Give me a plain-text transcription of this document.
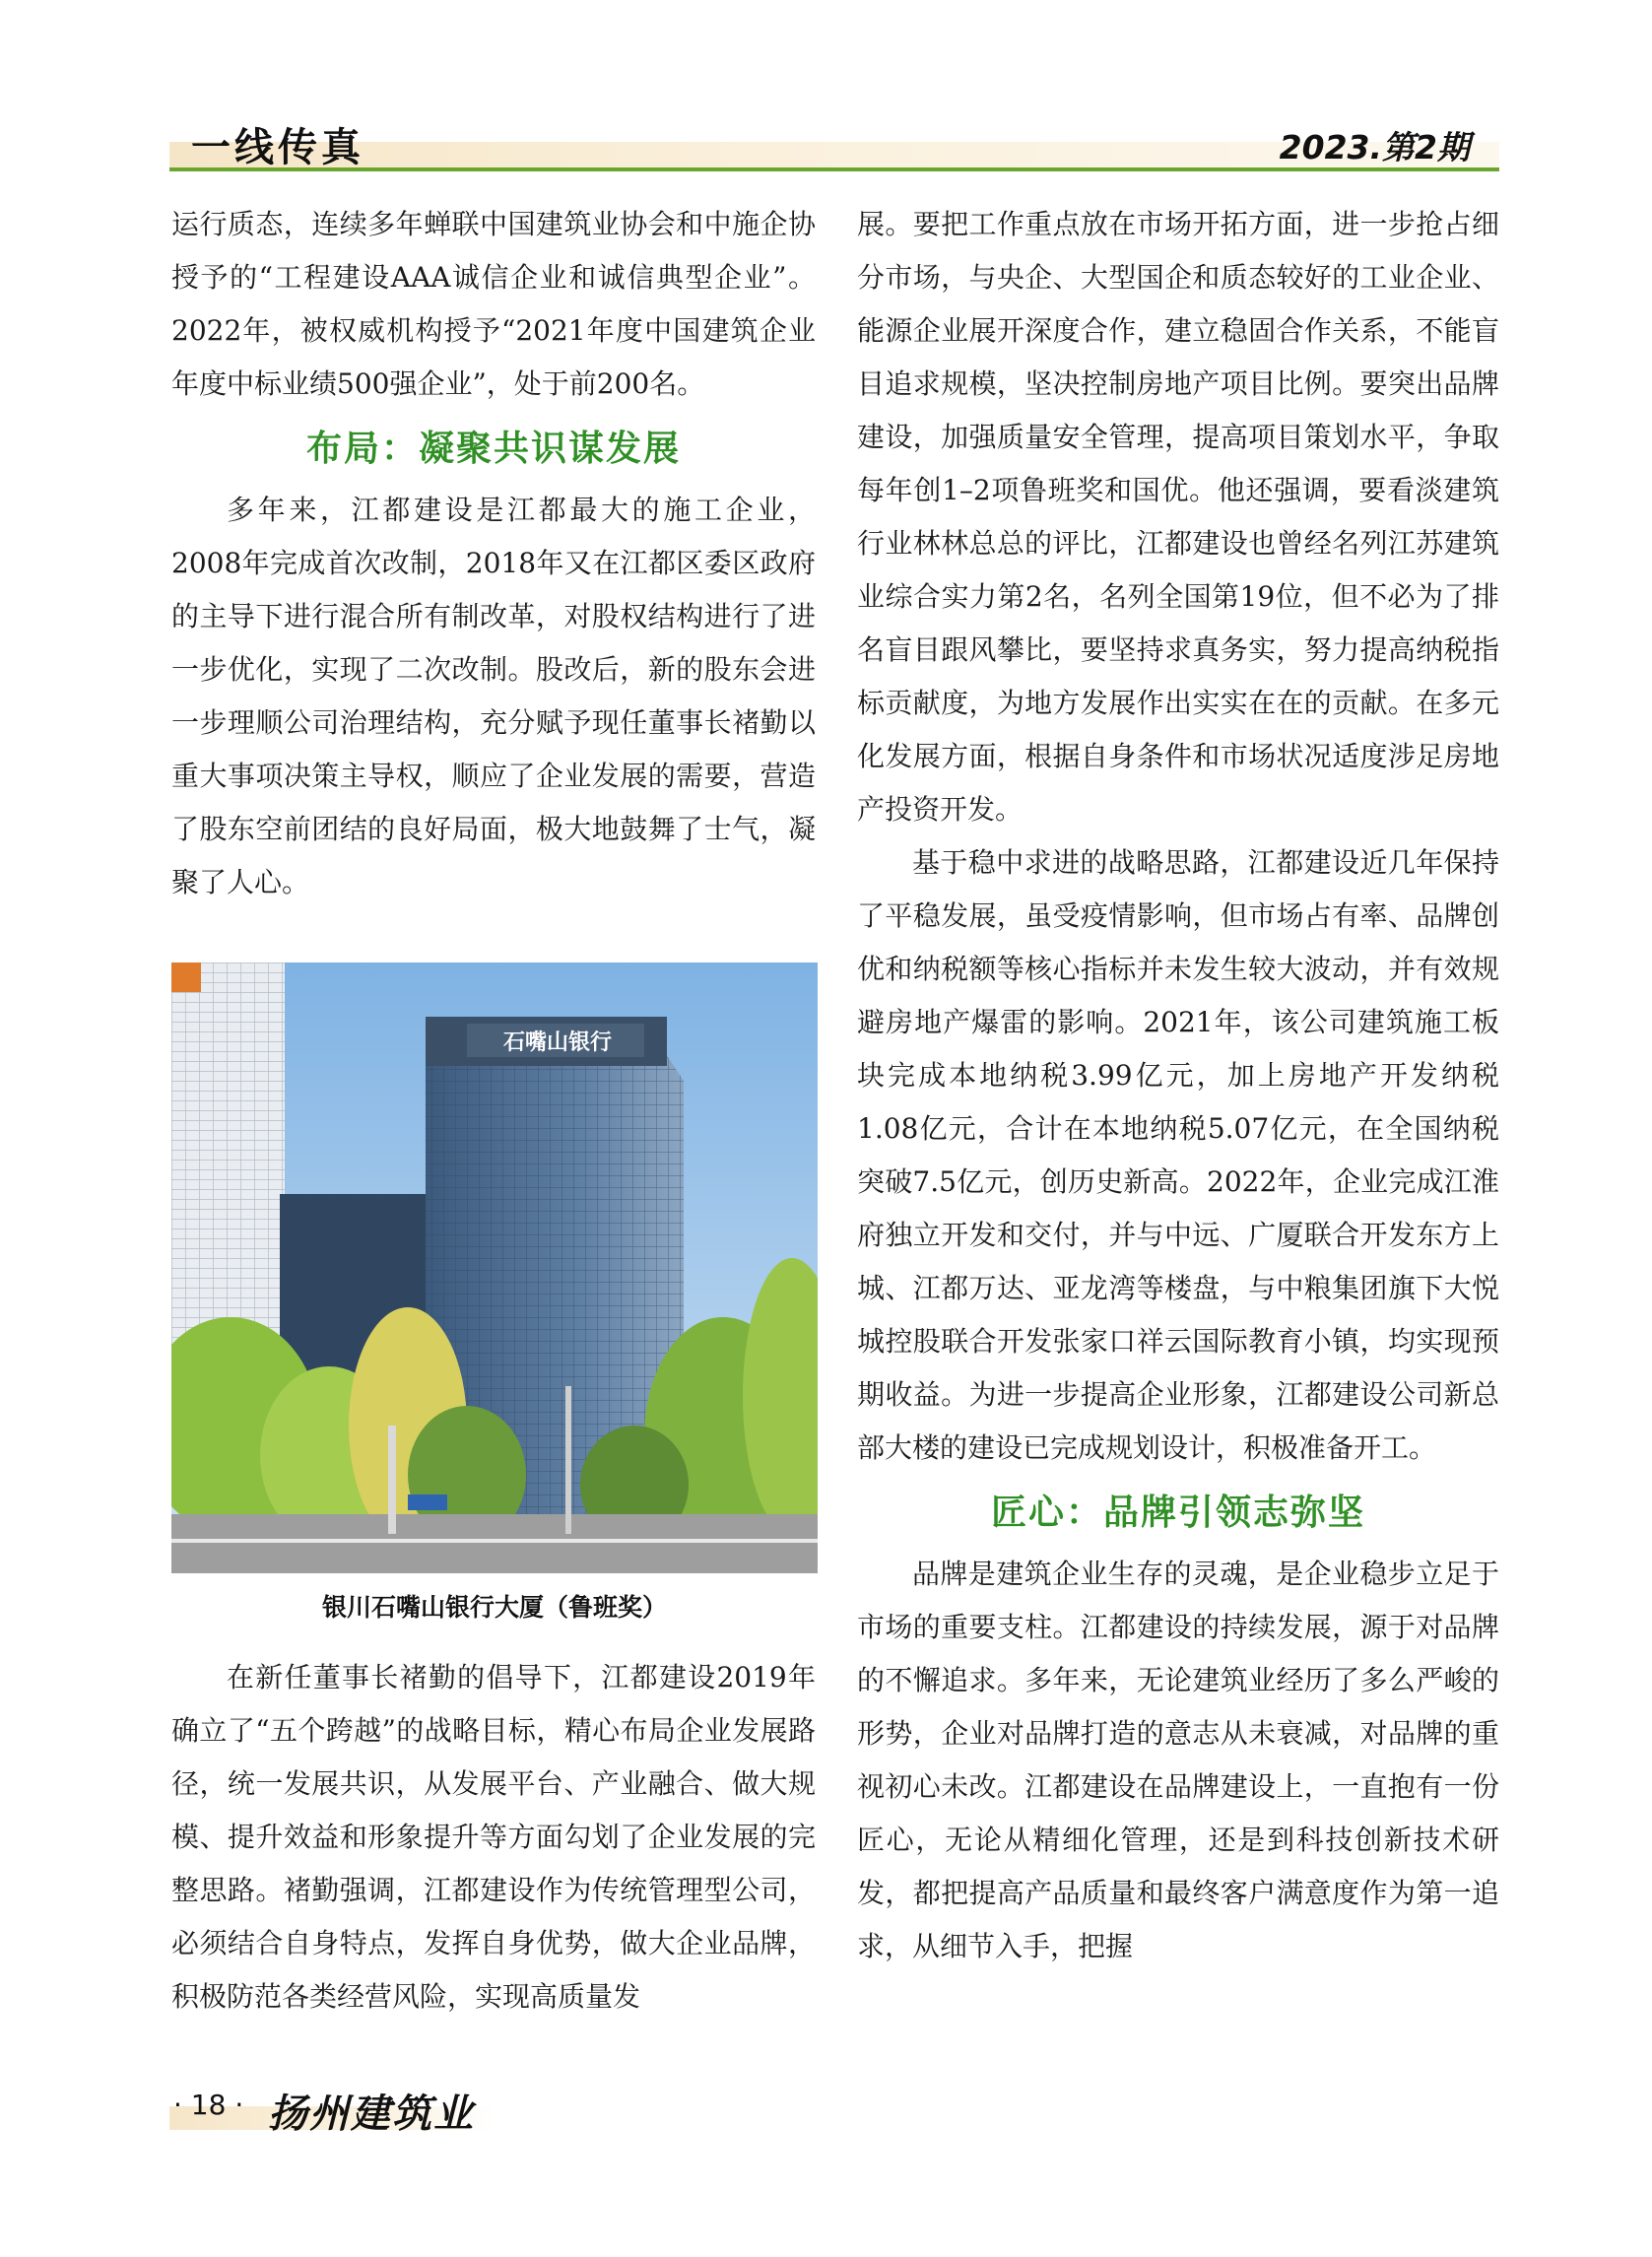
一线传真	2023.第2期

运行质态，连续多年蝉联中国建筑业协会和中施企协授予的“工程建设AAA诚信企业和诚信典型企业”。2022年，被权威机构授予“2021年度中国建筑企业年度中标业绩500强企业”，处于前200名。

布局：凝聚共识谋发展

多年来，江都建设是江都最大的施工企业，2008年完成首次改制，2018年又在江都区委区政府的主导下进行混合所有制改革，对股权结构进行了进一步优化，实现了二次改制。股改后，新的股东会进一步理顺公司治理结构，充分赋予现任董事长褚勤以重大事项决策主导权，顺应了企业发展的需要，营造了股东空前团结的良好局面，极大地鼓舞了士气，凝聚了人心。

石嘴山银行
银川石嘴山银行大厦（鲁班奖）

在新任董事长褚勤的倡导下，江都建设2019年确立了“五个跨越”的战略目标，精心布局企业发展路径，统一发展共识，从发展平台、产业融合、做大规模、提升效益和形象提升等方面勾划了企业发展的完整思路。褚勤强调，江都建设作为传统管理型公司，必须结合自身特点，发挥自身优势，做大企业品牌，积极防范各类经营风险，实现高质量发

展。要把工作重点放在市场开拓方面，进一步抢占细分市场，与央企、大型国企和质态较好的工业企业、能源企业展开深度合作，建立稳固合作关系，不能盲目追求规模，坚决控制房地产项目比例。要突出品牌建设，加强质量安全管理，提高项目策划水平，争取每年创1–2项鲁班奖和国优。他还强调，要看淡建筑行业林林总总的评比，江都建设也曾经名列江苏建筑业综合实力第2名，名列全国第19位，但不必为了排名盲目跟风攀比，要坚持求真务实，努力提高纳税指标贡献度，为地方发展作出实实在在的贡献。在多元化发展方面，根据自身条件和市场状况适度涉足房地产投资开发。

基于稳中求进的战略思路，江都建设近几年保持了平稳发展，虽受疫情影响，但市场占有率、品牌创优和纳税额等核心指标并未发生较大波动，并有效规避房地产爆雷的影响。2021年，该公司建筑施工板块完成本地纳税3.99亿元，加上房地产开发纳税1.08亿元，合计在本地纳税5.07亿元，在全国纳税突破7.5亿元，创历史新高。2022年，企业完成江淮府独立开发和交付，并与中远、广厦联合开发东方上城、江都万达、亚龙湾等楼盘，与中粮集团旗下大悦城控股联合开发张家口祥云国际教育小镇，均实现预期收益。为进一步提高企业形象，江都建设公司新总部大楼的建设已完成规划设计，积极准备开工。

匠心：品牌引领志弥坚

品牌是建筑企业生存的灵魂，是企业稳步立足于市场的重要支柱。江都建设的持续发展，源于对品牌的不懈追求。多年来，无论建筑业经历了多么严峻的形势，企业对品牌打造的意志从未衰减，对品牌的重视初心未改。江都建设在品牌建设上，一直抱有一份匠心，无论从精细化管理，还是到科技创新技术研发，都把提高产品质量和最终客户满意度作为第一追求，从细节入手，把握

· 18 · 扬州建筑业
